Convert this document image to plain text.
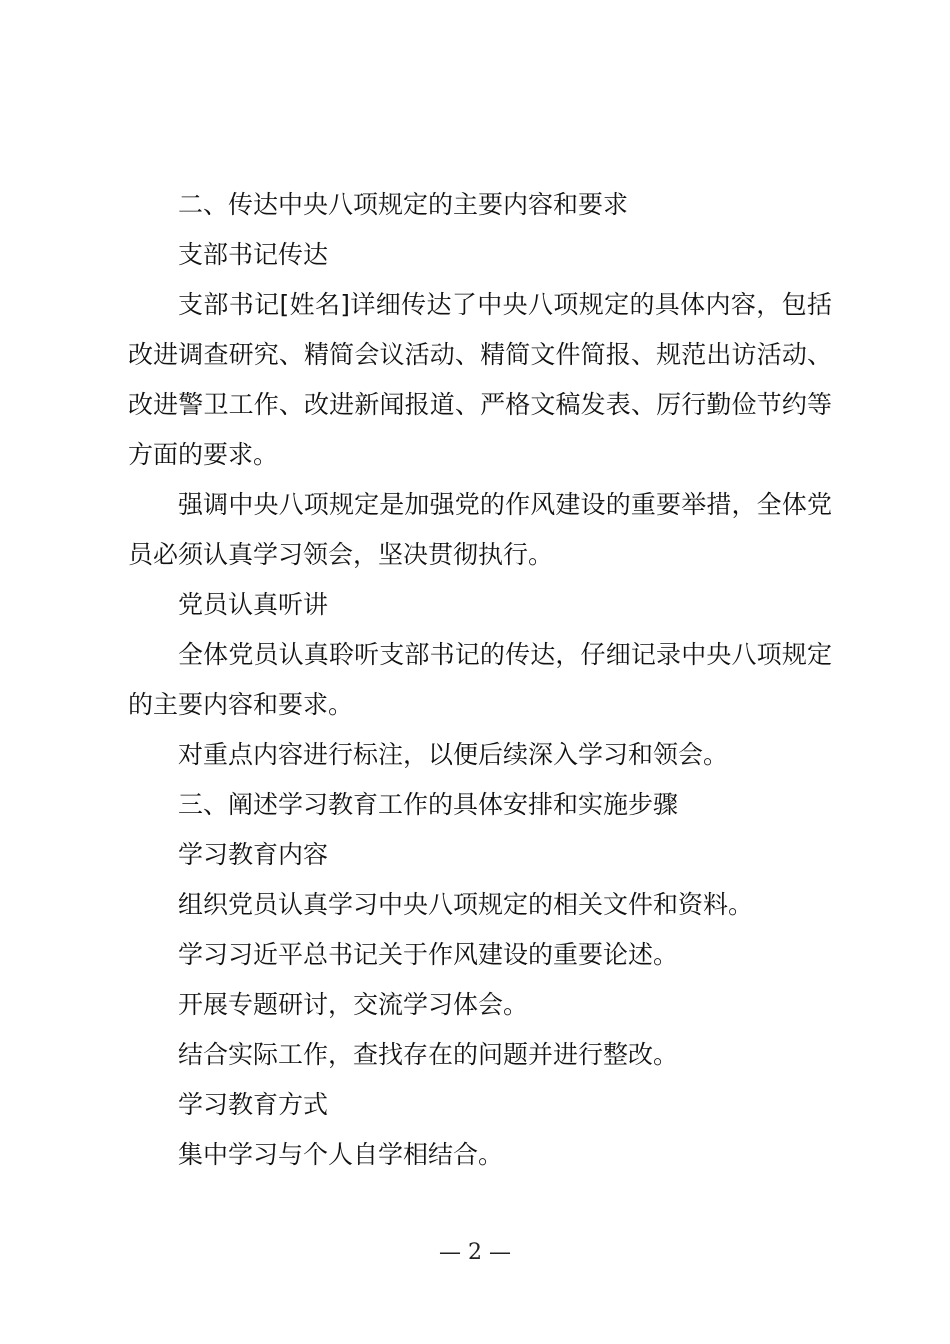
二、传达中央八项规定的主要内容和要求

支部书记传达

支部书记[姓名]详细传达了中央八项规定的具体内容，包括改进调查研究、精简会议活动、精简文件简报、规范出访活动、改进警卫工作、改进新闻报道、严格文稿发表、厉行勤俭节约等方面的要求。

强调中央八项规定是加强党的作风建设的重要举措，全体党员必须认真学习领会，坚决贯彻执行。

党员认真听讲

全体党员认真聆听支部书记的传达，仔细记录中央八项规定的主要内容和要求。

对重点内容进行标注，以便后续深入学习和领会。

三、阐述学习教育工作的具体安排和实施步骤

学习教育内容

组织党员认真学习中央八项规定的相关文件和资料。

学习习近平总书记关于作风建设的重要论述。

开展专题研讨，交流学习体会。

结合实际工作，查找存在的问题并进行整改。

学习教育方式

集中学习与个人自学相结合。

— 2 —
